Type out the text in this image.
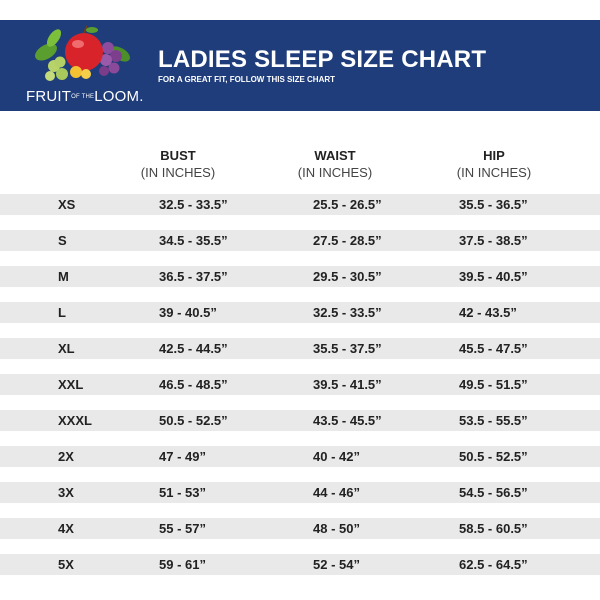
FRUITOF THELOOM.
LADIES SLEEP SIZE CHART
FOR A GREAT FIT, FOLLOW THIS SIZE CHART
BUST
(IN INCHES)
WAIST
(IN INCHES)
HIP
(IN INCHES)
XS	32.5 - 33.5”	25.5 - 26.5”	35.5 - 36.5”
S	34.5 - 35.5”	27.5 - 28.5”	37.5 - 38.5”
M	36.5 - 37.5”	29.5 - 30.5”	39.5 - 40.5”
L	39 - 40.5”	32.5 - 33.5”	42 - 43.5”
XL	42.5 - 44.5”	35.5 - 37.5”	45.5 - 47.5”
XXL	46.5 - 48.5”	39.5 - 41.5”	49.5 - 51.5”
XXXL	50.5 - 52.5”	43.5 - 45.5”	53.5 - 55.5”
2X	47 - 49”	40 - 42”	50.5 - 52.5”
3X	51 - 53”	44 - 46”	54.5 - 56.5”
4X	55 - 57”	48 - 50”	58.5 - 60.5”
5X	59 - 61”	52 - 54”	62.5 - 64.5”
